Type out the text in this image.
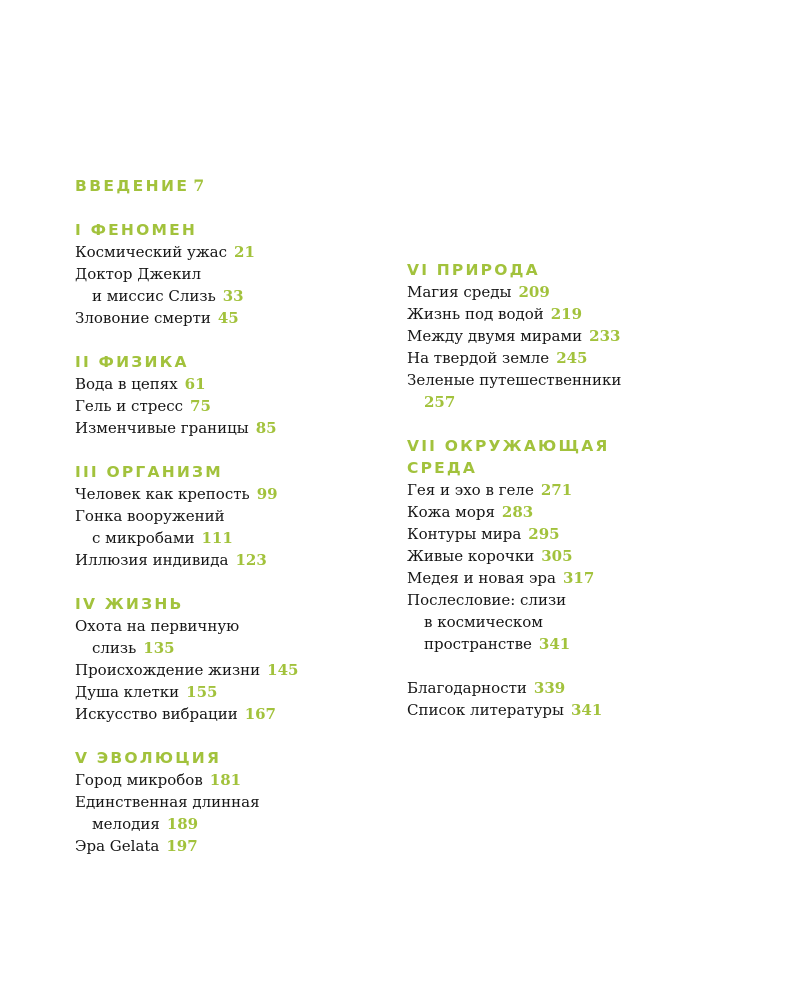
ВВЕДЕНИЕ 7
I ФЕНОМЕН
Космический ужас 21
Доктор Джекил
и миссис Слизь 33
Зловоние смерти 45
II ФИЗИКА
Вода в цепях 61
Гель и стресс 75
Изменчивые границы 85
III ОРГАНИЗМ
Человек как крепость 99
Гонка вооружений
с микробами 111
Иллюзия индивида 123
IV ЖИЗНЬ
Охота на первичную
слизь 135
Происхождение жизни 145
Душа клетки 155
Искусство вибрации 167
V ЭВОЛЮЦИЯ
Город микробов 181
Единственная длинная
мелодия 189
Эра Gelata 197
VI ПРИРОДА
Магия среды 209
Жизнь под водой 219
Между двумя мирами 233
На твердой земле 245
Зеленые путешественники
257
VII ОКРУЖАЮЩАЯ
СРЕДА
Гея и эхо в геле 271
Кожа моря 283
Контуры мира 295
Живые корочки 305
Медея и новая эра 317
Послесловие: слизи
в космическом
пространстве 341
Благодарности 339
Список литературы 341
